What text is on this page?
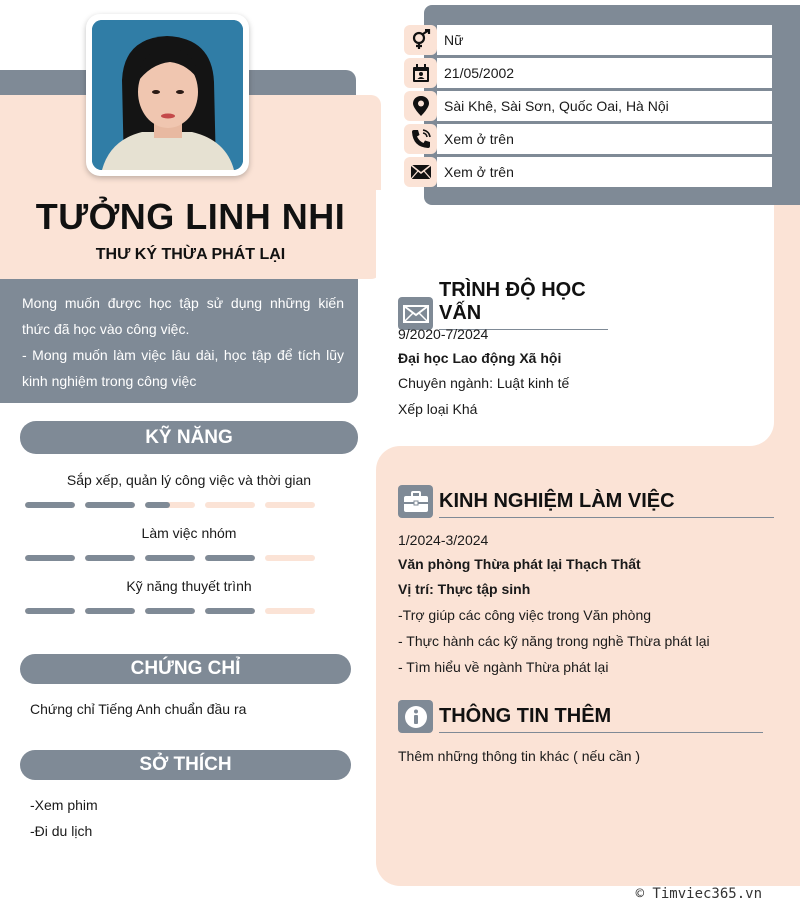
TƯỞNG LINH NHI
THƯ KÝ THỪA PHÁT LẠI
Mong muốn được học tập sử dụng những kiến thức đã học vào công việc.
- Mong muốn làm việc lâu dài, học tập để tích lũy kinh nghiệm trong công việc
KỸ NĂNG
Sắp xếp, quản lý công việc và thời gian
Làm việc nhóm
Kỹ năng thuyết trình
CHỨNG CHỈ
Chứng chỉ Tiếng Anh chuẩn đầu ra
SỞ THÍCH
-Xem phim
-Đi du lịch
Nữ
21/05/2002
Sài Khê, Sài Sơn, Quốc Oai, Hà Nội
Xem ở trên
Xem ở trên
TRÌNH ĐỘ HỌC VẤN
9/2020-7/2024
Đại học Lao động Xã hội
Chuyên ngành: Luật kinh tế
Xếp loại Khá
KINH NGHIỆM LÀM VIỆC
1/2024-3/2024
Văn phòng Thừa phát lại Thạch Thất
Vị trí: Thực tập sinh
-Trợ giúp các công việc trong Văn phòng
- Thực hành các kỹ năng trong nghề Thừa phát lại
- Tìm hiểu về ngành Thừa phát lại
THÔNG TIN THÊM
Thêm những thông tin khác ( nếu cần )
© Timviec365.vn
